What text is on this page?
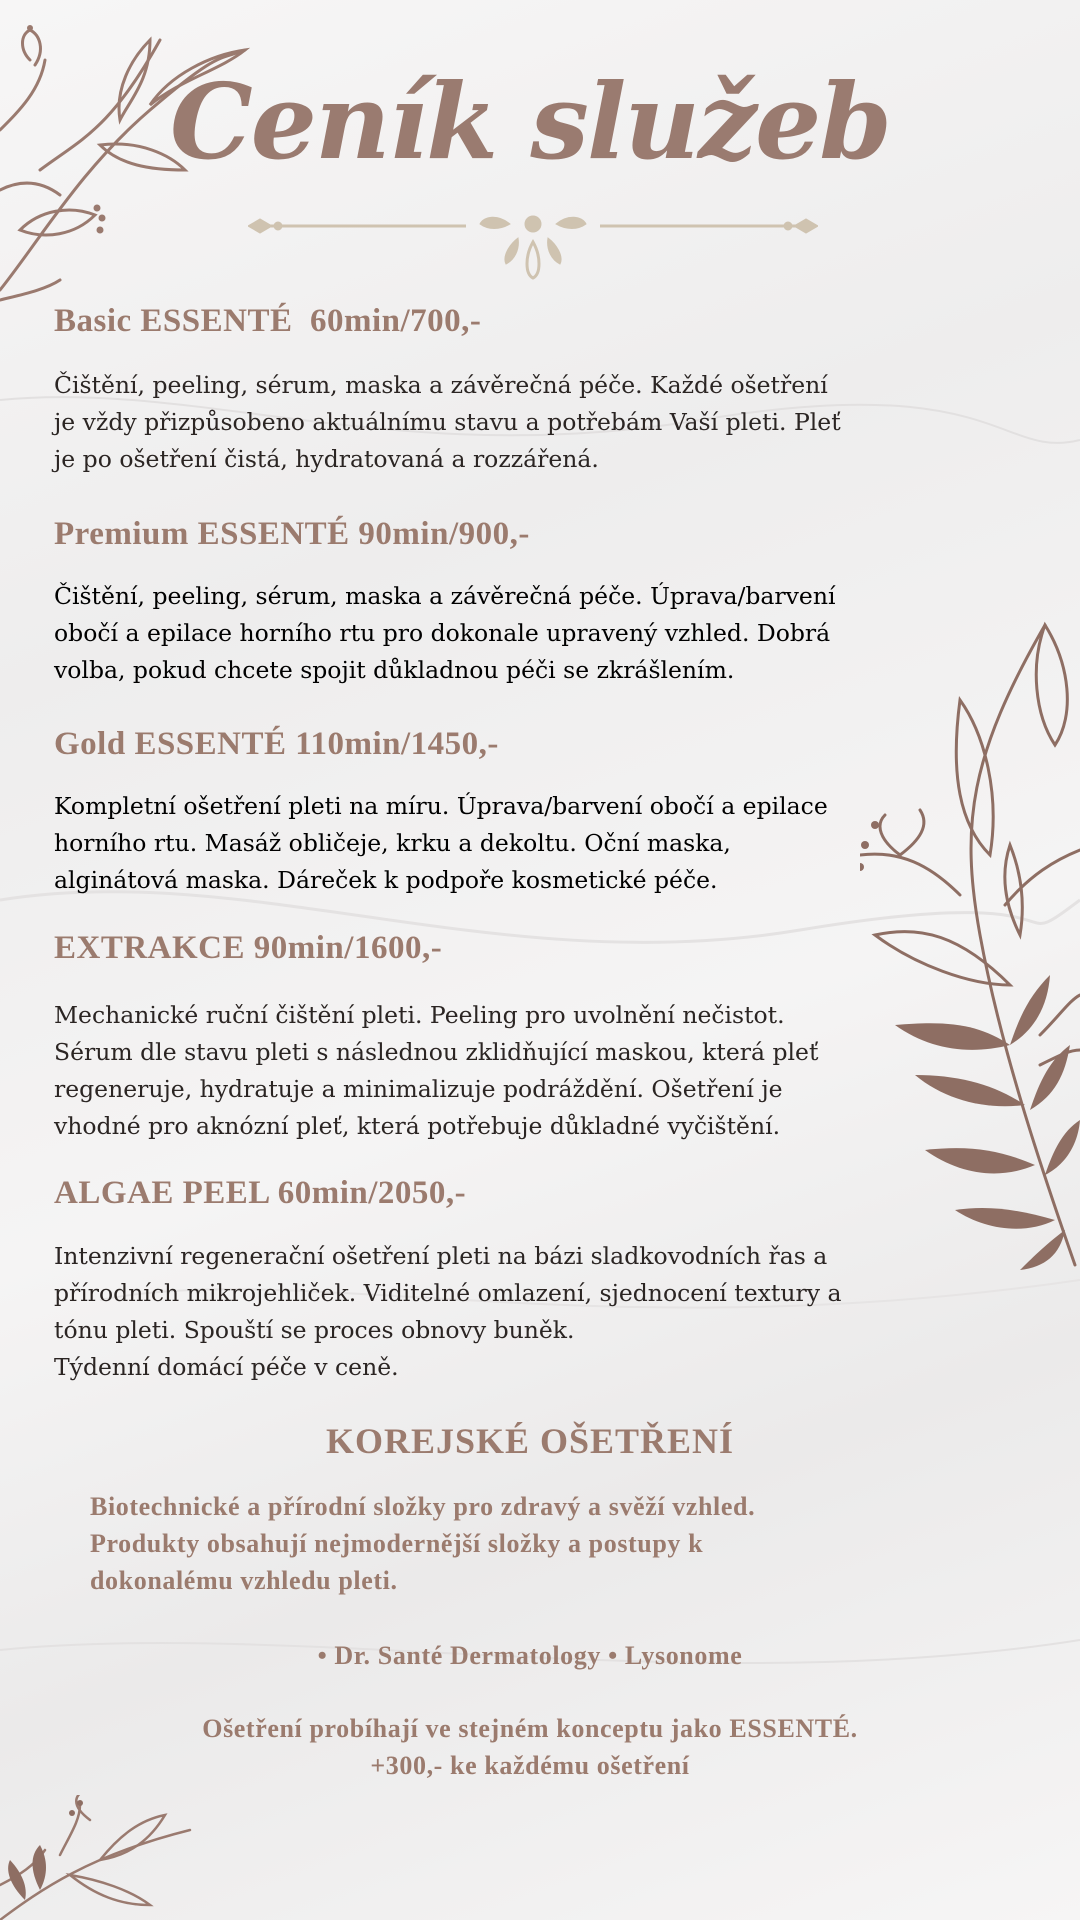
Ceník služeb
Basic ESSENTÉ  60min/700,-

Čištění, peeling, sérum, maska a závěrečná péče. Každé ošetření
je vždy přizpůsobeno aktuálnímu stavu a potřebám Vaší pleti. Pleť
je po ošetření čistá, hydratovaná a rozzářená.

Premium ESSENTÉ 90min/900,-

Čištění, peeling, sérum, maska a závěrečná péče. Úprava/barvení
obočí a epilace horního rtu pro dokonale upravený vzhled. Dobrá
volba, pokud chcete spojit důkladnou péči se zkrášlením.

Gold ESSENTÉ 110min/1450,-

Kompletní ošetření pleti na míru. Úprava/barvení obočí a epilace
horního rtu. Masáž obličeje, krku a dekoltu. Oční maska,
alginátová maska. Dáreček k podpoře kosmetické péče.

EXTRAKCE 90min/1600,-

Mechanické ruční čištění pleti. Peeling pro uvolnění nečistot.
Sérum dle stavu pleti s následnou zklidňující maskou, která pleť
regeneruje, hydratuje a minimalizuje podráždění. Ošetření je
vhodné pro aknózní pleť, která potřebuje důkladné vyčištění.

ALGAE PEEL 60min/2050,-

Intenzivní regenerační ošetření pleti na bázi sladkovodních řas a
přírodních mikrojehliček. Viditelné omlazení, sjednocení textury a
tónu pleti. Spouští se proces obnovy buněk.
Týdenní domácí péče v ceně.

KOREJSKÉ OŠETŘENÍ

Biotechnické a přírodní složky pro zdravý a svěží vzhled.
Produkty obsahují nejmodernější složky a postupy k
dokonalému vzhledu pleti.

• Dr. Santé Dermatology • Lysonome

Ošetření probíhají ve stejném konceptu jako ESSENTÉ.
+300,- ke každému ošetření
